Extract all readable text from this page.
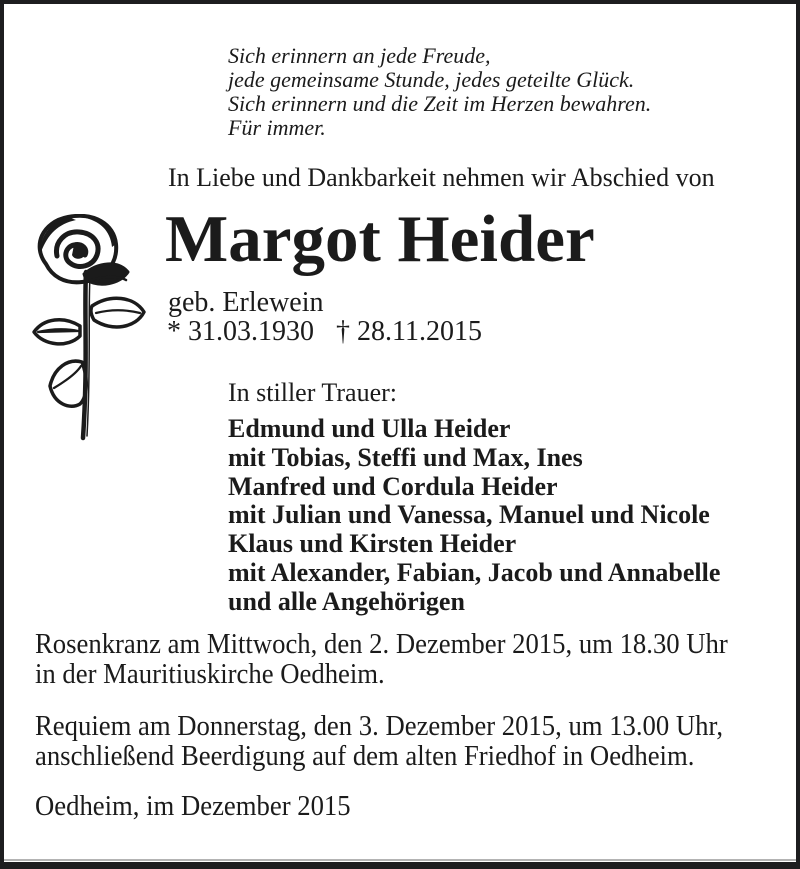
Sich erinnern an jede Freude,
jede gemeinsame Stunde, jedes geteilte Glück.
Sich erinnern und die Zeit im Herzen bewahren.
Für immer.
In Liebe und Dankbarkeit nehmen wir Abschied von
Margot Heider
geb. Erlewein
* 31.03.1930 † 28.11.2015
In stiller Trauer:
Edmund und Ulla Heider
mit Tobias, Steffi und Max, Ines
Manfred und Cordula Heider
mit Julian und Vanessa, Manuel und Nicole
Klaus und Kirsten Heider
mit Alexander, Fabian, Jacob und Annabelle
und alle Angehörigen
Rosenkranz am Mittwoch, den 2. Dezember 2015, um 18.30 Uhr
in der Mauritiuskirche Oedheim.
Requiem am Donnerstag, den 3. Dezember 2015, um 13.00 Uhr,
anschließend Beerdigung auf dem alten Friedhof in Oedheim.
Oedheim, im Dezember 2015
